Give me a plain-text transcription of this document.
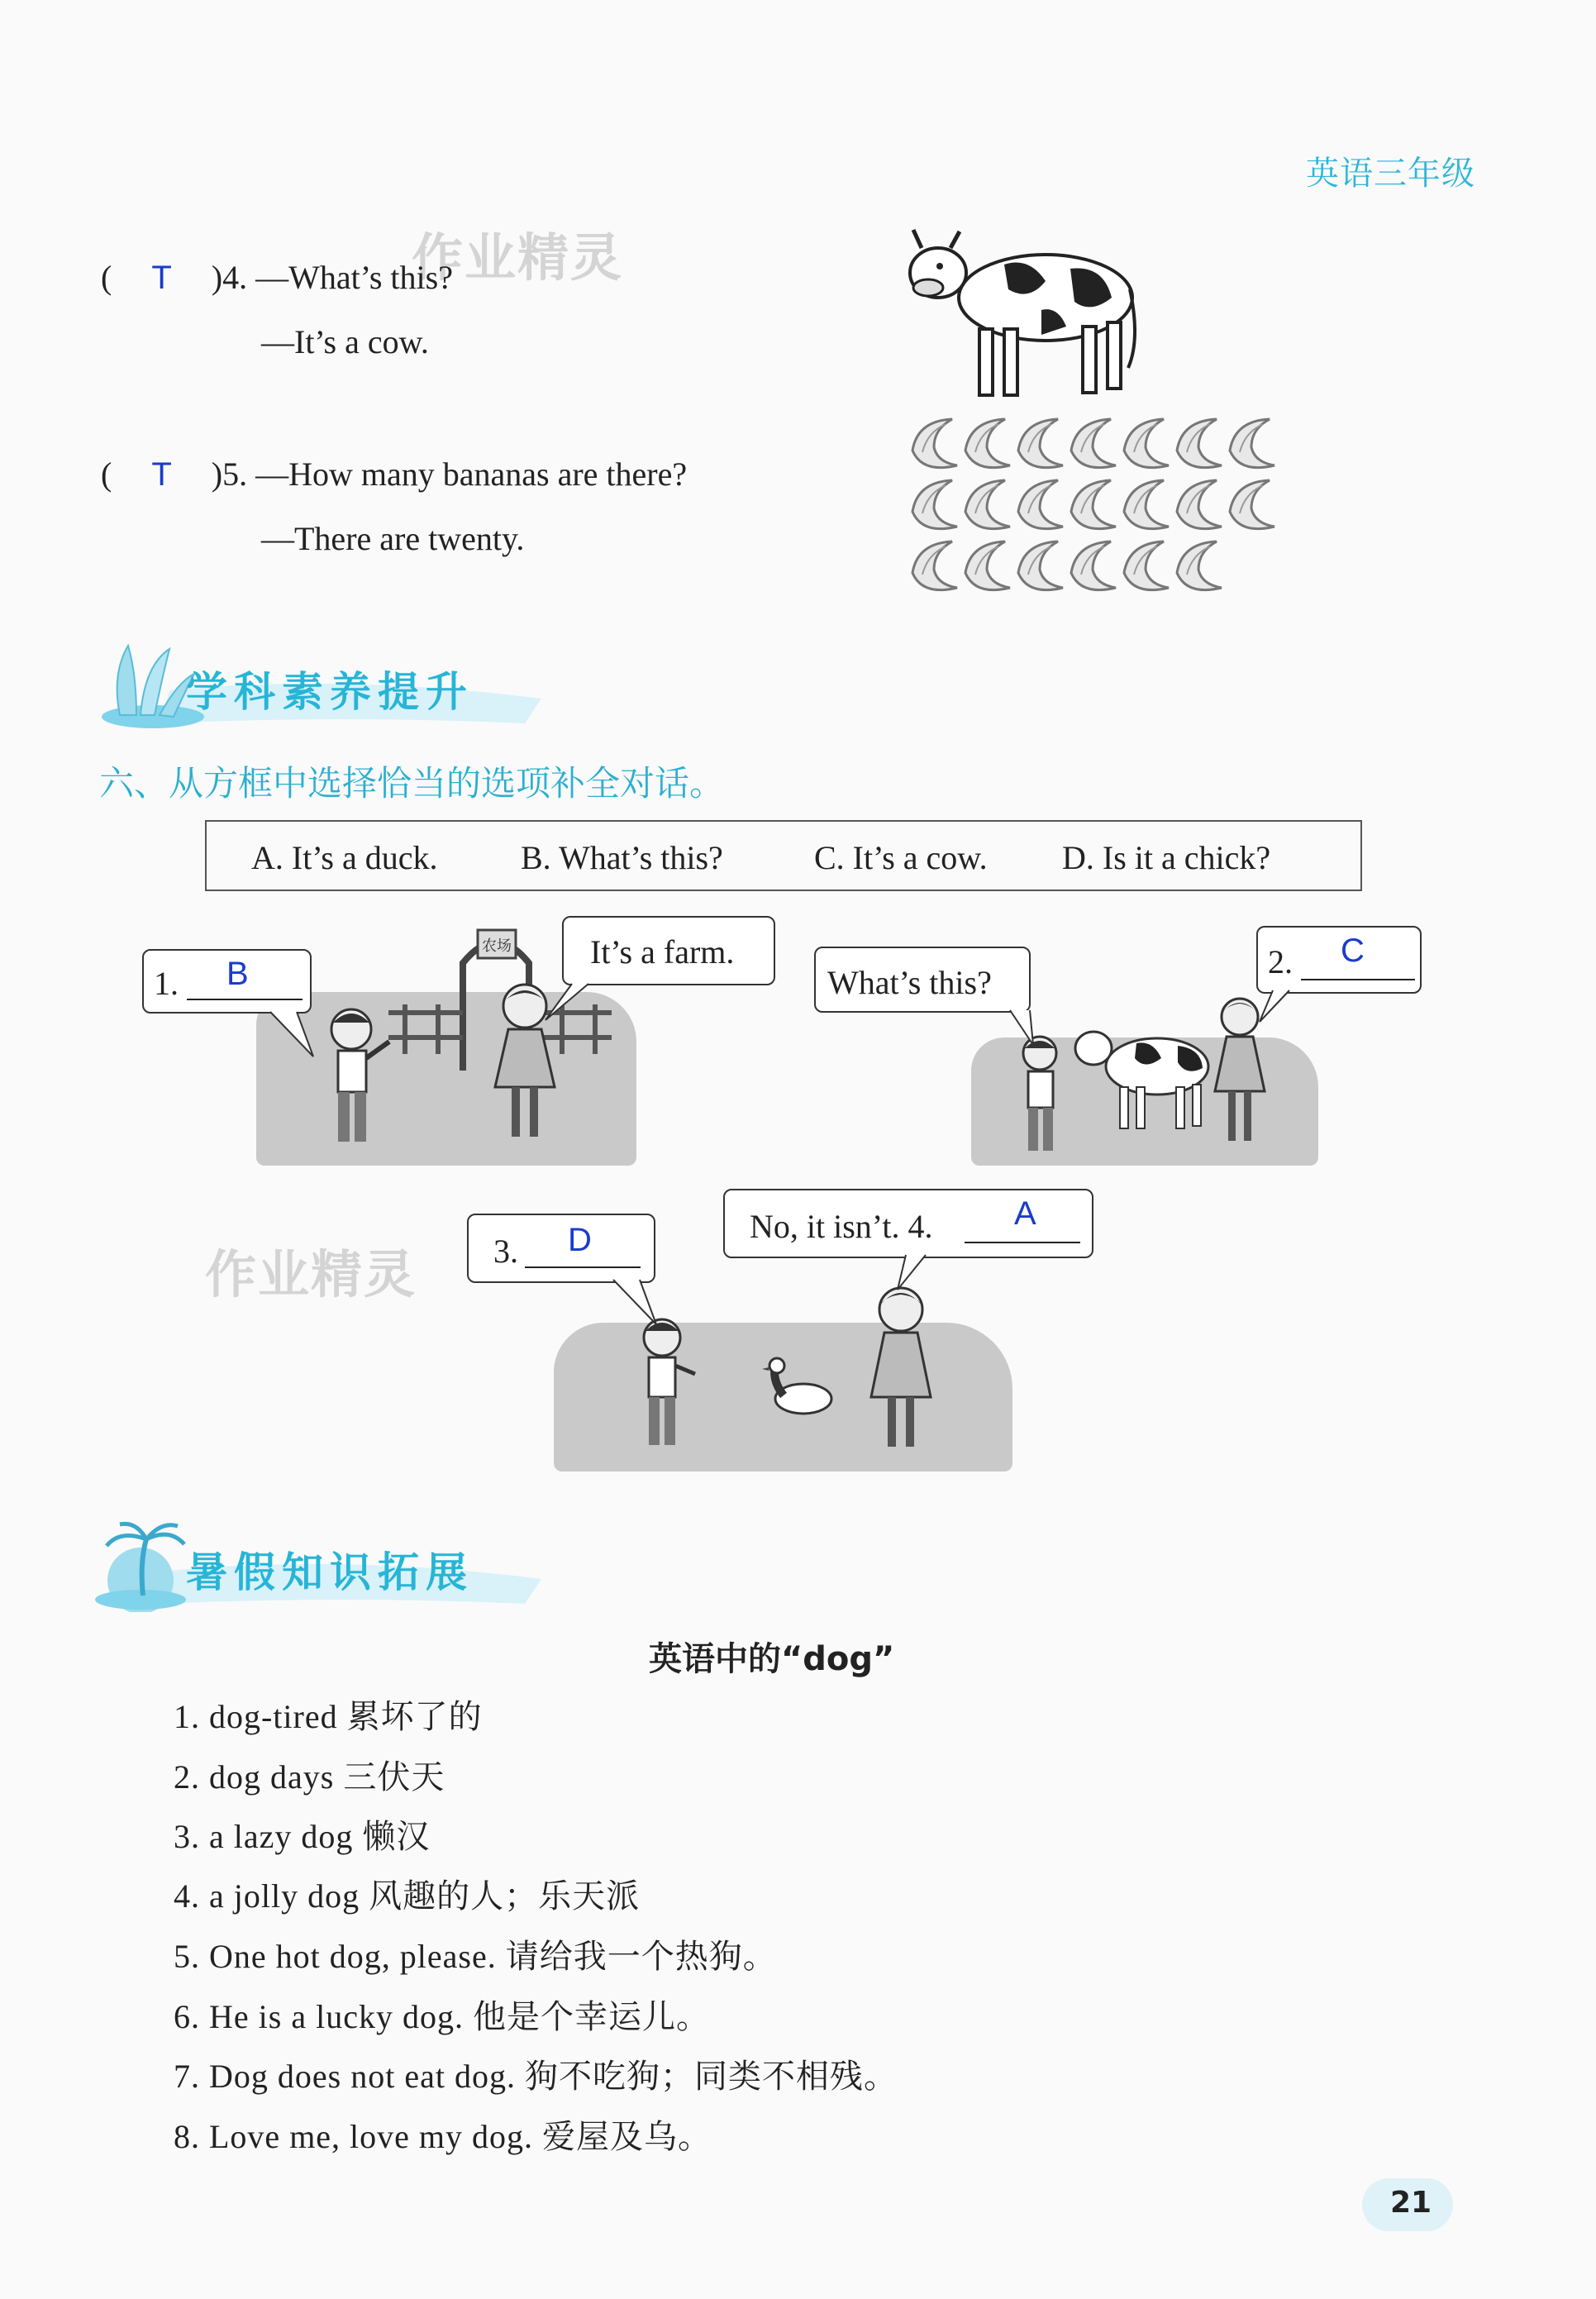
英语三年级
作业精灵
作业精灵
( T )4. —What’s this?
—It’s a cow.
( T )5. —How many bananas are there?
—There are twenty.
学科素养提升
六、从方框中选择恰当的选项补全对话。
A. It’s a duck.	B. What’s this?	C. It’s a cow. D. Is it a chick?
农场
1. B
It’s a farm.
What’s this?
2. C
3. D	No, it isn’t. 4. A
暑假知识拓展
英语中的“dog”
1. dog-tired 累坏了的
2. dog days 三伏天
3. a lazy dog 懒汉
4. a jolly dog 风趣的人；乐天派
5. One hot dog, please. 请给我一个热狗。
6. He is a lucky dog. 他是个幸运儿。
7. Dog does not eat dog. 狗不吃狗；同类不相残。
8. Love me, love my dog. 爱屋及乌。
21
